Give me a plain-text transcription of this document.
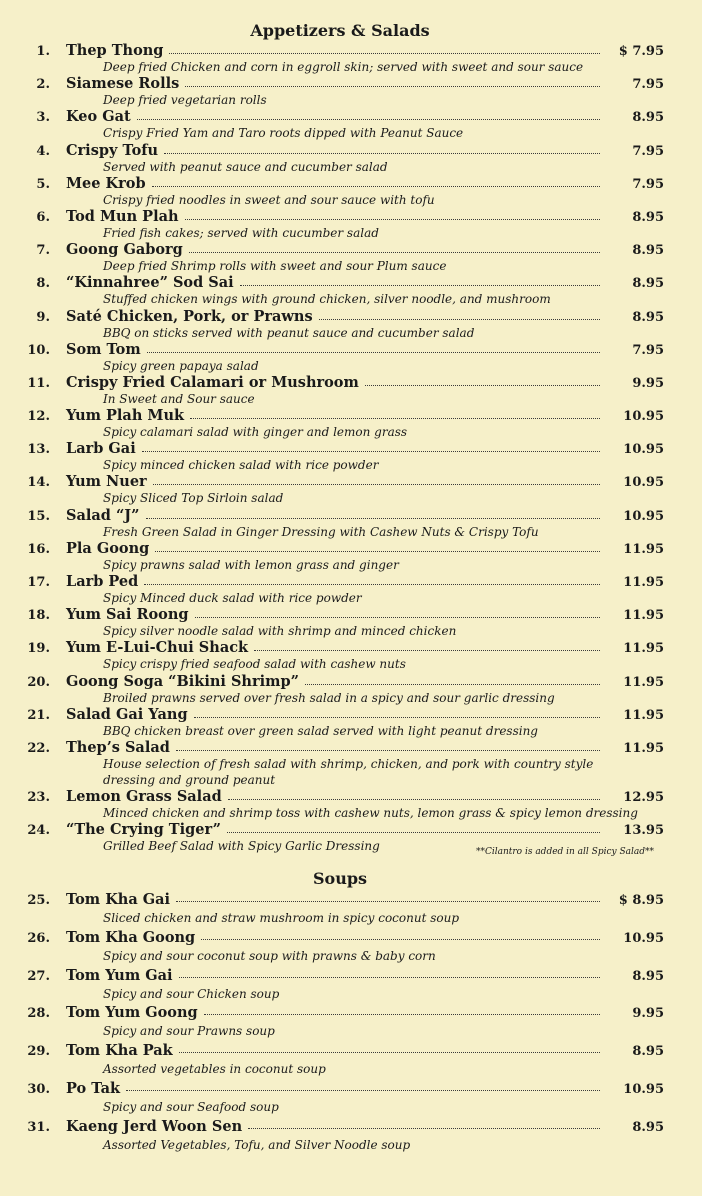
Appetizers & Salads
1.	Thep Thong	$ 7.95
Deep fried Chicken and corn in eggroll skin; served with sweet and sour sauce
2.	Siamese Rolls	7.95
Deep fried vegetarian rolls
3.	Keo Gat	8.95
Crispy Fried Yam and Taro roots dipped with Peanut Sauce
4.	Crispy Tofu	7.95
Served with peanut sauce and cucumber salad
5.	Mee Krob	7.95
Crispy fried noodles in sweet and sour sauce with tofu
6.	Tod Mun Plah	8.95
Fried fish cakes; served with cucumber salad
7.	Goong Gaborg	8.95
Deep fried Shrimp rolls with sweet and sour Plum sauce
8.	“Kinnahree” Sod Sai	8.95
Stuffed chicken wings with ground chicken, silver noodle, and mushroom
9.	Saté Chicken, Pork, or Prawns	8.95
BBQ on sticks served with peanut sauce and cucumber salad
10.	Som Tom	7.95
Spicy green papaya salad
11.	Crispy Fried Calamari or Mushroom	9.95
In Sweet and Sour sauce
12.	Yum Plah Muk	10.95
Spicy calamari salad with ginger and lemon grass
13.	Larb Gai	10.95
Spicy minced chicken salad with rice powder
14.	Yum Nuer	10.95
Spicy Sliced Top Sirloin salad
15.	Salad “J”	10.95
Fresh Green Salad in Ginger Dressing with Cashew Nuts & Crispy Tofu
16.	Pla Goong	11.95
Spicy prawns salad with lemon grass and ginger
17.	Larb Ped	11.95
Spicy Minced duck salad with rice powder
18.	Yum Sai Roong	11.95
Spicy silver noodle salad with shrimp and minced chicken
19.	Yum E-Lui-Chui Shack	11.95
Spicy crispy fried seafood salad with cashew nuts
20.	Goong Soga “Bikini Shrimp”	11.95
Broiled prawns served over fresh salad in a spicy and sour garlic dressing
21.	Salad Gai Yang	11.95
BBQ chicken breast over green salad served with light peanut dressing
22.	Thep’s Salad	11.95
House selection of fresh salad with shrimp, chicken, and pork with country style dressing and ground peanut
23.	Lemon Grass Salad	12.95
Minced chicken and shrimp toss with cashew nuts, lemon grass & spicy lemon dressing
24.	“The Crying Tiger”	13.95
Grilled Beef Salad with Spicy Garlic Dressing	**Cilantro is added in all Spicy Salad**
Soups
25.	Tom Kha Gai	$ 8.95
Sliced chicken and straw mushroom in spicy coconut soup
26.	Tom Kha Goong	10.95
Spicy and sour coconut soup with prawns & baby corn
27.	Tom Yum Gai	8.95
Spicy and sour Chicken soup
28.	Tom Yum Goong	9.95
Spicy and sour Prawns soup
29.	Tom Kha Pak	8.95
Assorted vegetables in coconut soup
30.	Po Tak	10.95
Spicy and sour Seafood soup
31.	Kaeng Jerd Woon Sen	8.95
Assorted Vegetables, Tofu, and Silver Noodle soup
